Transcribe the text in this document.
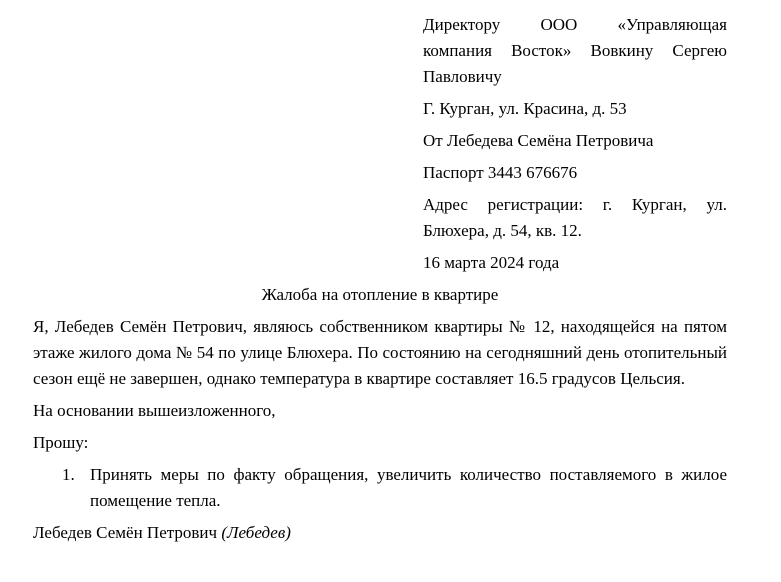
Директору ООО «Управляющая компания Восток» Вовкину Сергею Павловичу

Г. Курган, ул. Красина, д. 53

От Лебедева Семёна Петровича

Паспорт 3443 676676

Адрес регистрации: г. Курган, ул. Блюхера, д. 54, кв. 12.

16 марта 2024 года

Жалоба на отопление в квартире

Я, Лебедев Семён Петрович, являюсь собственником квартиры № 12, находящейся на пятом этаже жилого дома № 54 по улице Блюхера. По состоянию на сегодняшний день отопительный сезон ещё не завершен, однако температура в квартире составляет 16.5 градусов Цельсия.

На основании вышеизложенного,

Прошу:

1. Принять меры по факту обращения, увеличить количество поставляемого в жилое помещение тепла.

Лебедев Семён Петрович (Лебедев)
